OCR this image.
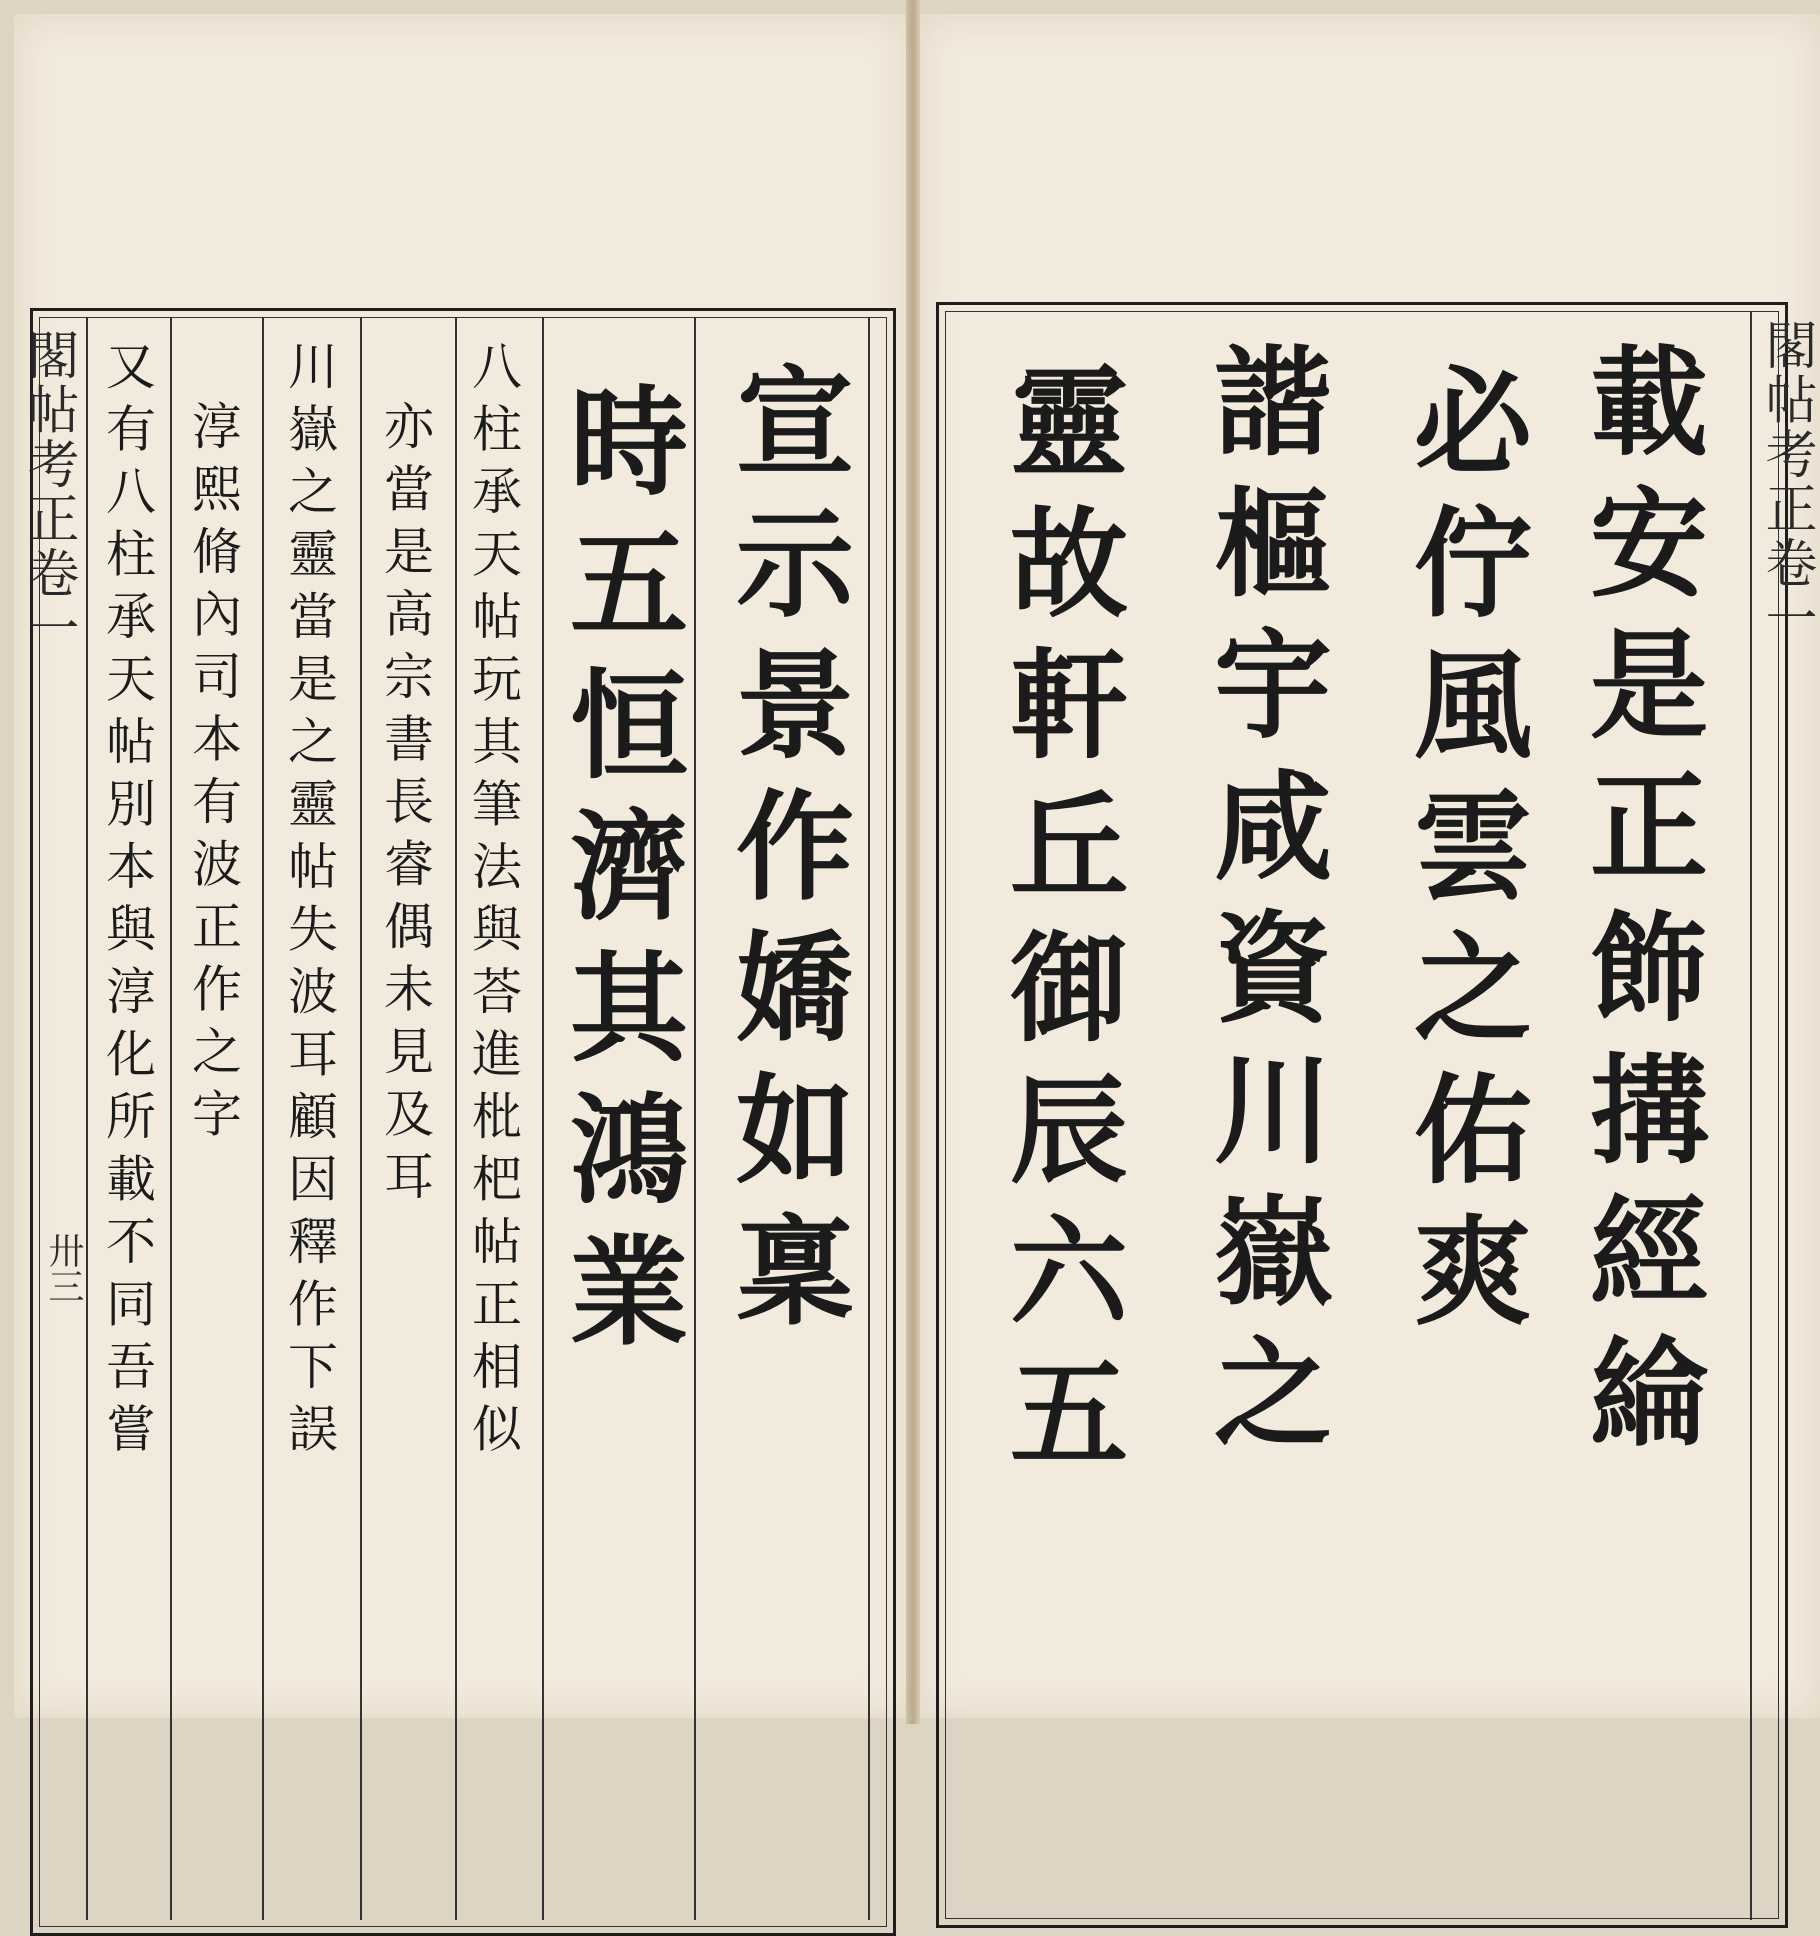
閣帖考正卷一
卅三	八柱承天帖玩其筆法與荅進枇杷帖正相似
亦當是高宗書長睿偶未見及耳
川嶽之靈當是之靈帖失波耳顧因釋作下誤
淳熙脩內司本有波正作之字
又有八柱承天帖別本與淳化所載不同吾嘗	宣示景作嬌如稟
時五恒濟其鴻業	閣帖考正卷一
載安是正飾搆經綸
必佇風雲之佑爽
諧樞宇咸資川嶽之
靈故軒丘御辰六五
